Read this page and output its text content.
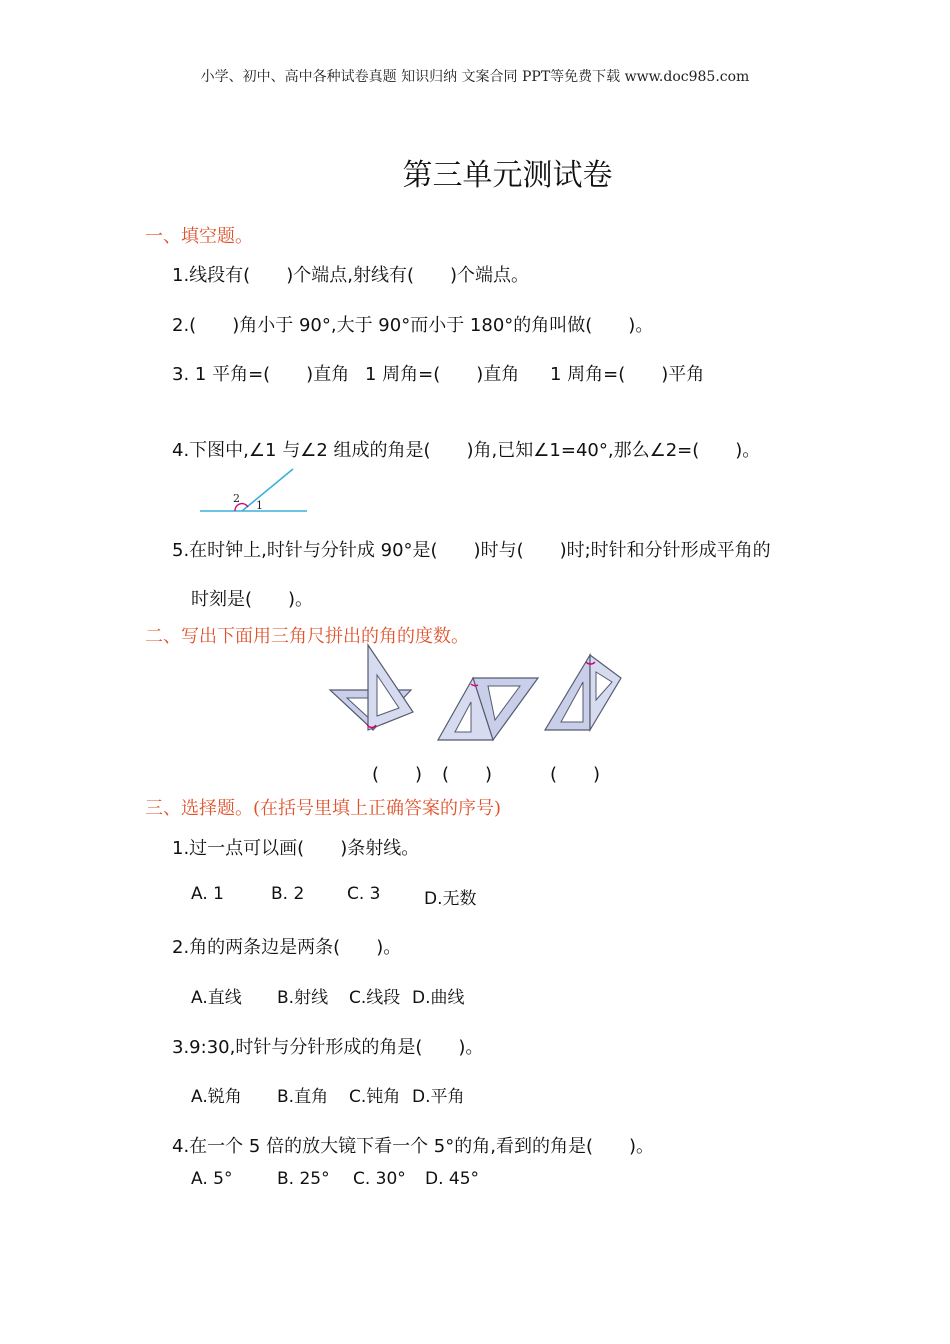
小学、初中、高中各种试卷真题 知识归纳 文案合同 PPT等免费下载 www.doc985.com
第三单元测试卷
一、填空题。
1.线段有(　　)个端点,射线有(　　)个端点。
2.(　　)角小于 90°,大于 90°而小于 180°的角叫做(　　)。
3. 1 平角=(　　)直角 1 周角=(　　)直角 1 周角=(　　)平角
4.下图中,∠1 与∠2 组成的角是(　　)角,已知∠1=40°,那么∠2=(　　)。
2
1
5.在时钟上,时针与分针成 90°是(　　)时与(　　)时;时针和分针形成平角的
时刻是(　　)。
二、写出下面用三角尺拼出的角的度数。
(　　) (　　)	(　　)
三、选择题。(在括号里填上正确答案的序号)
1.过一点可以画(　　)条射线。
A. 1	B. 2	C. 3	D.无数
2.角的两条边是两条(　　)。
A.直线 B.射线 C.线段 D.曲线
3.9:30,时针与分针形成的角是(　　)。
A.锐角 B.直角 C.钝角 D.平角
4.在一个 5 倍的放大镜下看一个 5°的角,看到的角是(　　)。
A. 5°	B. 25° C. 30° D. 45°
